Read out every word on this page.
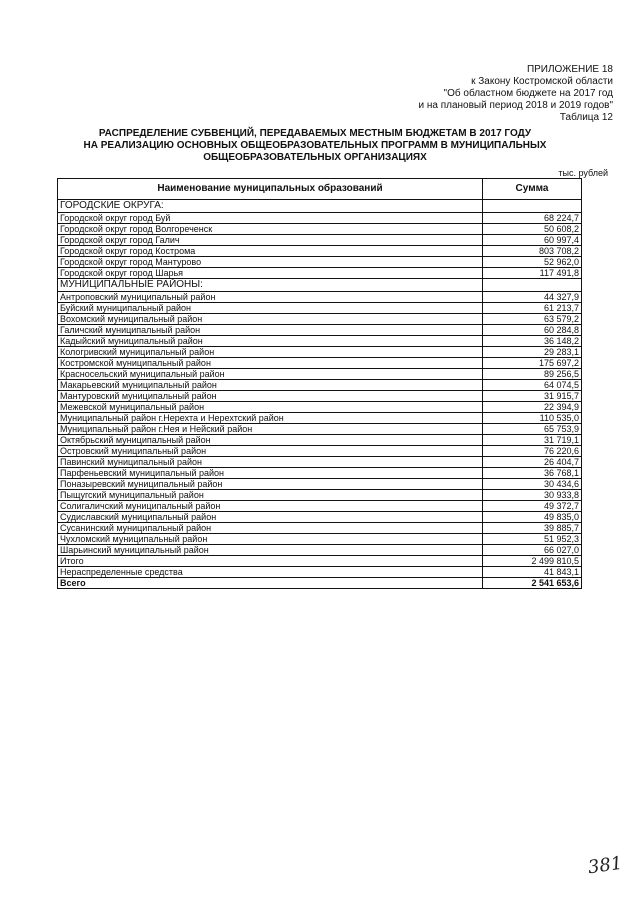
ПРИЛОЖЕНИЕ 18
к Закону Костромской области
"Об областном бюджете на 2017 год
и на плановый период 2018 и 2019 годов"
Таблица 12
РАСПРЕДЕЛЕНИЕ СУБВЕНЦИЙ, ПЕРЕДАВАЕМЫХ МЕСТНЫМ БЮДЖЕТАМ В 2017 ГОДУ
НА РЕАЛИЗАЦИЮ ОСНОВНЫХ ОБЩЕОБРАЗОВАТЕЛЬНЫХ ПРОГРАММ В МУНИЦИПАЛЬНЫХ
ОБЩЕОБРАЗОВАТЕЛЬНЫХ ОРГАНИЗАЦИЯХ
тыс. рублей
Наименование муниципальных образований	Сумма
ГОРОДСКИЕ ОКРУГА:	
Городской округ город Буй	68 224,7
Городской округ город Волгореченск	50 608,2
Городской округ город Галич	60 997,4
Городской округ город Кострома	803 708,2
Городской округ город Мантурово	52 962,0
Городской округ город Шарья	117 491,8
МУНИЦИПАЛЬНЫЕ РАЙОНЫ:	
Антроповский муниципальный район	44 327,9
Буйский муниципальный район	61 213,7
Вохомский муниципальный район	63 579,2
Галичский муниципальный район	60 284,8
Кадыйский муниципальный район	36 148,2
Кологривский муниципальный район	29 283,1
Костромской муниципальный район	175 697,2
Красносельский муниципальный район	89 256,5
Макарьевский муниципальный район	64 074,5
Мантуровский муниципальный район	31 915,7
Межевской муниципальный район	22 394,9
Муниципальный район г.Нерехта и Нерехтский район	110 535,0
Муниципальный район г.Нея и Нейский район	65 753,9
Октябрьский муниципальный район	31 719,1
Островский муниципальный район	76 220,6
Павинский муниципальный район	26 404,7
Парфеньевский муниципальный район	36 768,1
Поназыревский муниципальный район	30 434,6
Пыщугский муниципальный район	30 933,8
Солигаличский муниципальный район	49 372,7
Судиславский муниципальный район	49 835,0
Сусанинский муниципальный район	39 885,7
Чухломский муниципальный район	51 952,3
Шарьинский муниципальный район	66 027,0
Итого	2 499 810,5
Нераспределенные средства	41 843,1
Всего	2 541 653,6
381
